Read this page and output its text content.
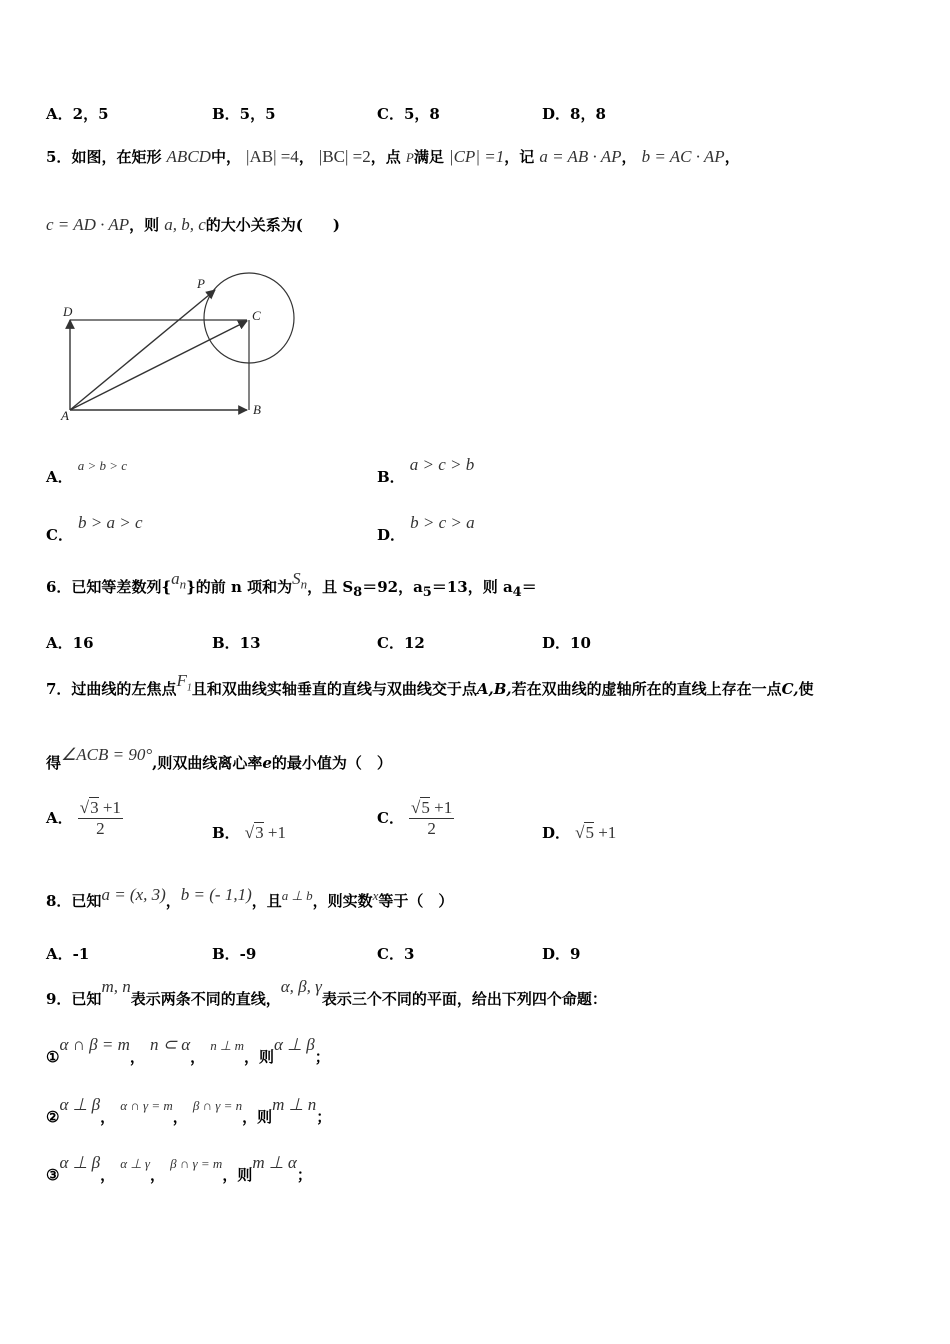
A．2，5	B．5，5	C．5，8	D．8，8
5．如图，在矩形 ABCD中， |AB| =4， |BC| =2，点 P满足 |CP| =1，记 a = AB · AP， b = AC · AP，
c = AD · AP，则 a, b, c的大小关系为(　　)
P
C
D
A	B
A． a > b > c
B． a > c > b
C． b > a > c
D． b > c > a
6．已知等差数列$\{a_n\}$的前 n 项和为$S_n$，且 $S_8=92$，$a_5=13$，则 $a_4=$
A．16	B．13	C．12	D．10
7．过曲线的左焦点$F_1$且和双曲线实轴垂直的直线与双曲线交于点A,B,若在双曲线的虚轴所在的直线上存在一点C,使
得∠ACB = 90°,则双曲线离心率e的最小值为（　）
A． $\frac{√3 +1}{2}$	B． √3 +1
C． $\frac{√5 +1}{2}$	D． √5 +1
8．已知a = (x, 3)，b = (- 1,1)，且a ⊥ b，则实数x等于（　）
A．-1	B．-9	C．3	D．9
9．已知m, n表示两条不同的直线，α, β, γ表示三个不同的平面，给出下列四个命题：
①α ∩ β = m， n ⊂ α， n ⊥ m，则α ⊥ β；
②α ⊥ β， α ∩ γ = m， β ∩ γ = n，则m ⊥ n；
③α ⊥ β， α ⊥ γ， β ∩ γ = m，则m ⊥ α；
